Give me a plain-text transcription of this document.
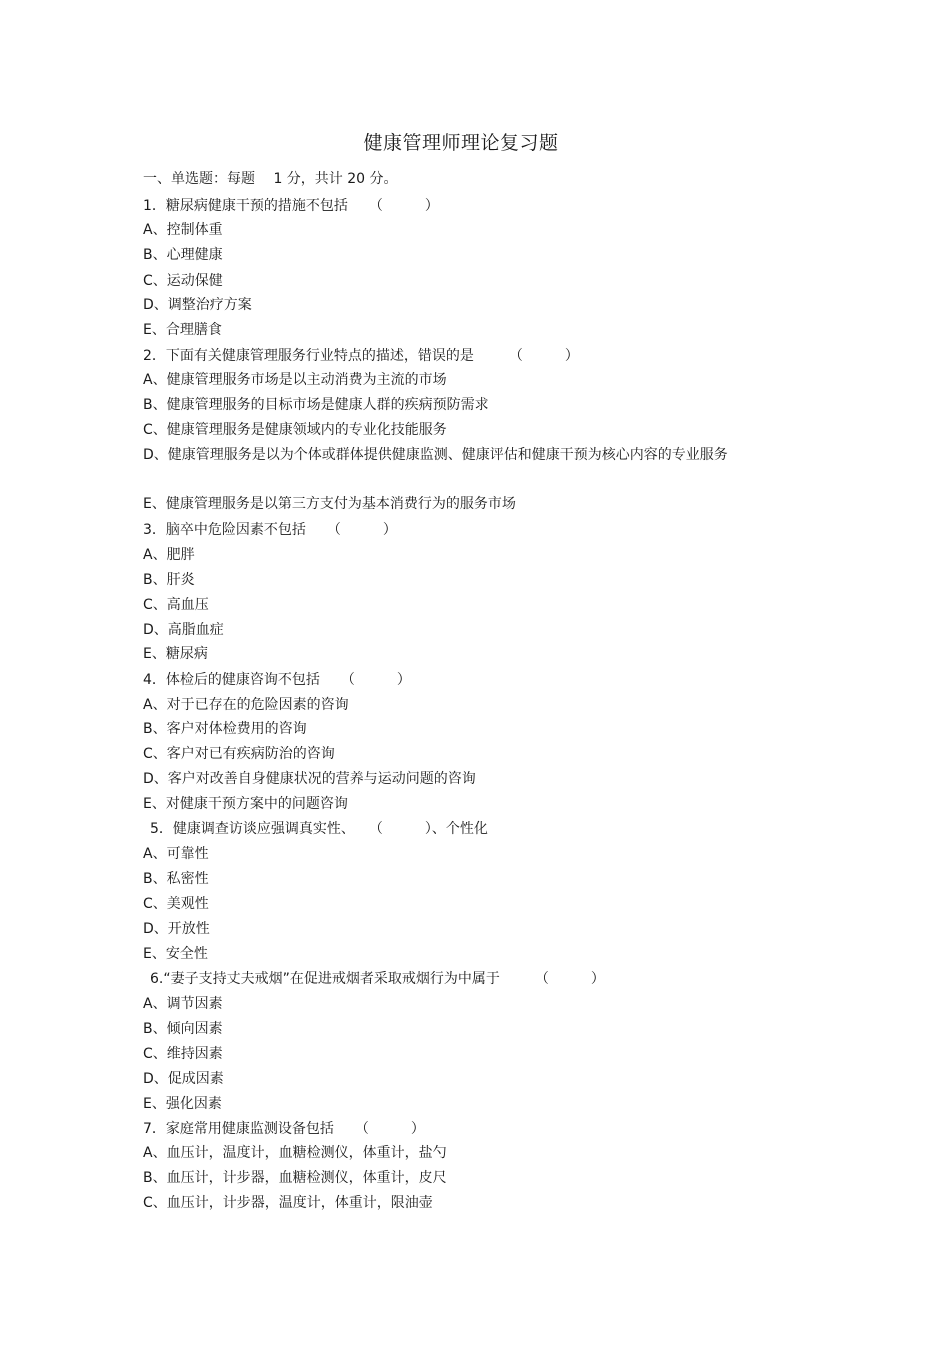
健康管理师理论复习题
一、单选题：每题　 1 分，共计 20 分。
1．糖尿病健康干预的措施不包括　　（　　　）
A、控制体重
B、心理健康
C、运动保健
D、调整治疗方案
E、合理膳食
2．下面有关健康管理服务行业特点的描述，错误的是　　　（　　　）
A、健康管理服务市场是以主动消费为主流的市场
B、健康管理服务的目标市场是健康人群的疾病预防需求
C、健康管理服务是健康领域内的专业化技能服务
D、健康管理服务是以为个体或群体提供健康监测、健康评估和健康干预为核心内容的专业服务
E、健康管理服务是以第三方支付为基本消费行为的服务市场
3．脑卒中危险因素不包括　　（　　　）
A、肥胖
B、肝炎
C、高血压
D、高脂血症
E、糖尿病
4．体检后的健康咨询不包括　　（　　　）
A、对于已存在的危险因素的咨询
B、客户对体检费用的咨询
C、客户对已有疾病防治的咨询
D、客户对改善自身健康状况的营养与运动问题的咨询
E、对健康干预方案中的问题咨询
5．健康调查访谈应强调真实性、　　（　　　）、个性化
A、可靠性
B、私密性
C、美观性
D、开放性
E、安全性
6.“妻子支持丈夫戒烟”在促进戒烟者采取戒烟行为中属于　　　（　　　）
A、调节因素
B、倾向因素
C、维持因素
D、促成因素
E、强化因素
7．家庭常用健康监测设备包括　　（　　　）
A、血压计，温度计，血糖检测仪，体重计，盐勺
B、血压计，计步器，血糖检测仪，体重计，皮尺
C、血压计，计步器，温度计，体重计，限油壶
